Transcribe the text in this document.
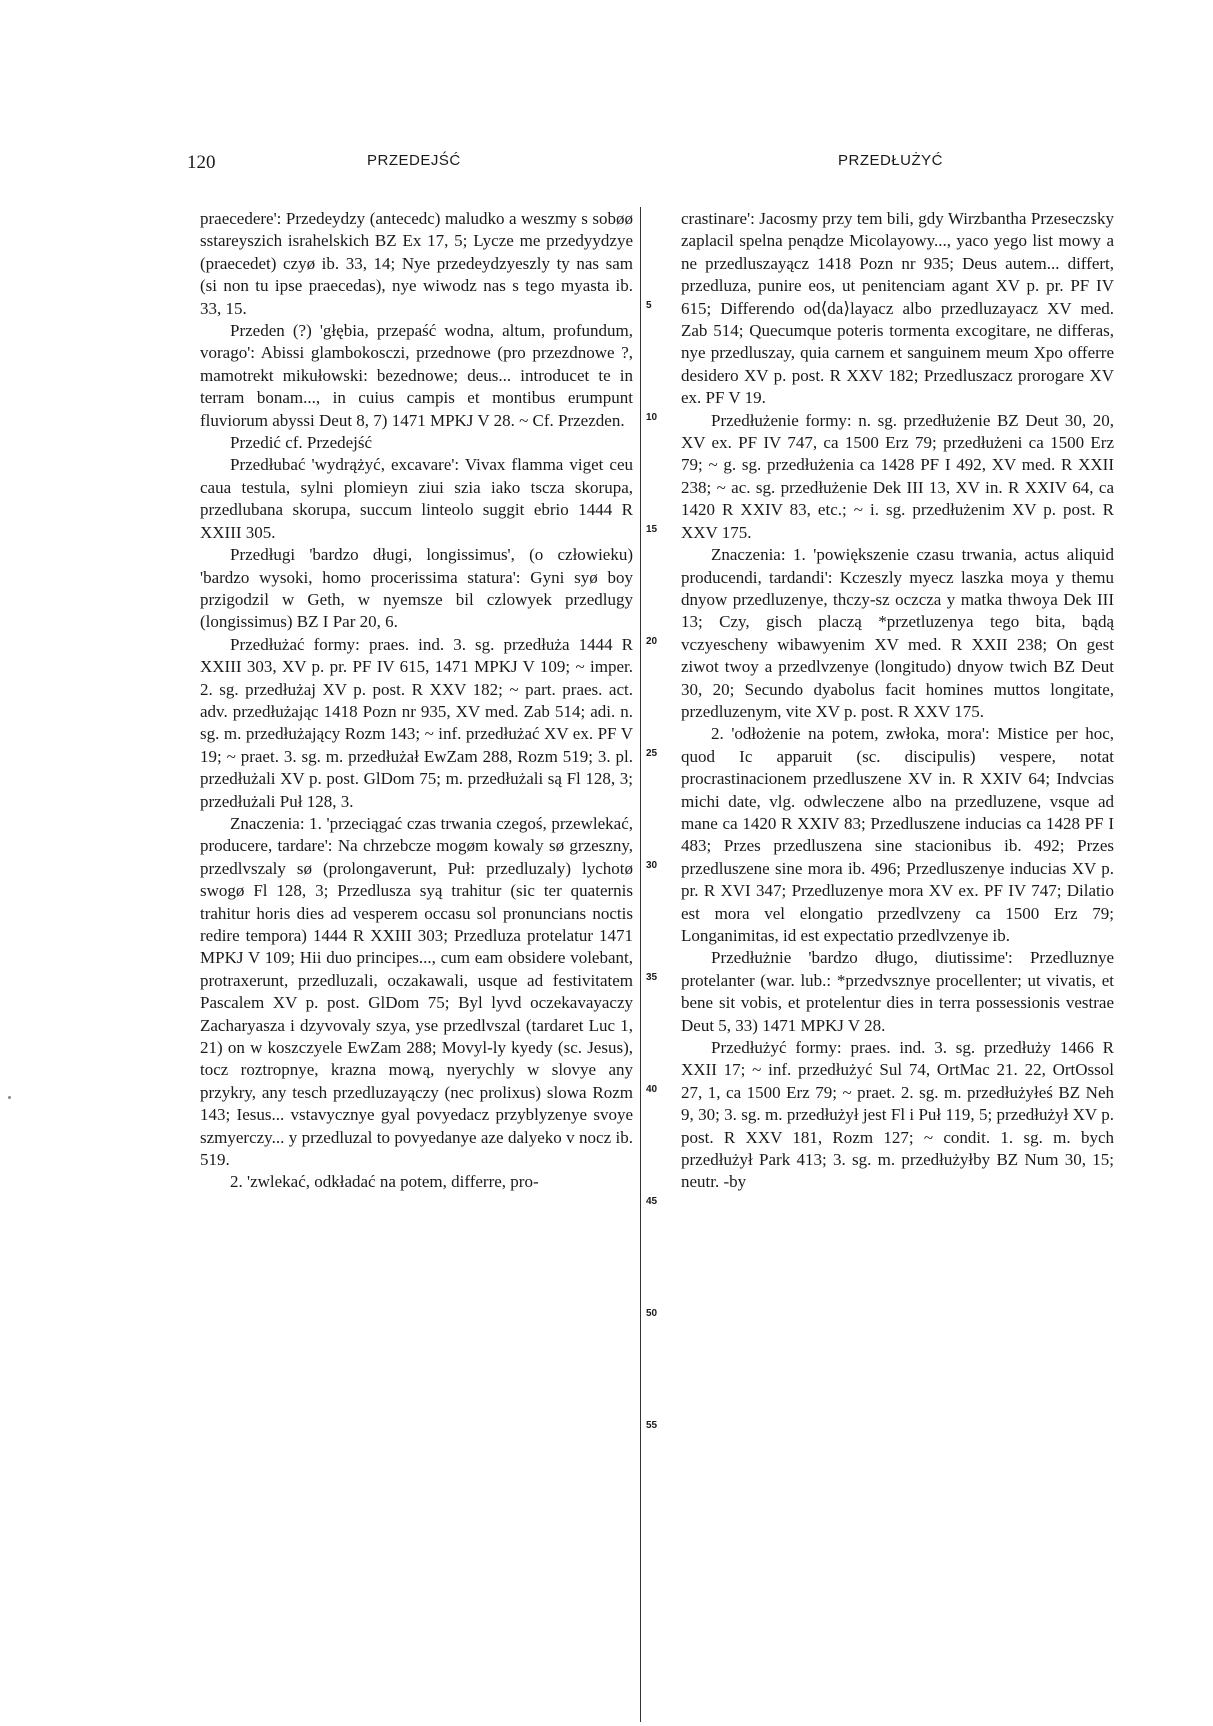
120	PRZEDEJŚĆ	PRZEDŁUŻYĆ

praecedere': Przedeydzy (antecedc) maludko a weszmy s sobøø sstareyszich israhelskich BZ Ex 17, 5; Lycze me przedyydzye (praecedet) czyø ib. 33, 14; Nye przedeydzyeszly ty nas sam (si non tu ipse praecedas), nye wiwodz nas s tego myasta ib. 33, 15.

Przeden (?) 'głębia, przepaść wodna, altum, profundum, vorago': Abissi glambokosczi, przednowe (pro przezdnowe ?, mamotrekt mikułowski: bezednowe; deus... introducet te in terram bonam..., in cuius campis et montibus erumpunt fluviorum abyssi Deut 8, 7) 1471 MPKJ V 28. ~ Cf. Przezden.

Przedić cf. Przedejść

Przedłubać 'wydrążyć, excavare': Vivax flamma viget ceu caua testula, sylni plomieyn ziui szia iako tscza skorupa, przedlubana skorupa, succum linteolo suggit ebrio 1444 R XXIII 305.

Przedługi 'bardzo długi, longissimus', (o człowieku) 'bardzo wysoki, homo procerissima statura': Gyni syø boy przigodzil w Geth, w nyemsze bil czlowyek przedlugy (longissimus) BZ I Par 20, 6.

Przedłużać formy: praes. ind. 3. sg. przedłuża 1444 R XXIII 303, XV p. pr. PF IV 615, 1471 MPKJ V 109; ~ imper. 2. sg. przedłużaj XV p. post. R XXV 182; ~ part. praes. act. adv. przedłużając 1418 Pozn nr 935, XV med. Zab 514; adi. n. sg. m. przedłużający Rozm 143; ~ inf. przedłużać XV ex. PF V 19; ~ praet. 3. sg. m. przedłużał EwZam 288, Rozm 519; 3. pl. przedłużali XV p. post. GlDom 75; m. przedłużali są Fl 128, 3; przedłużali Puł 128, 3.

Znaczenia: 1. 'przeciągać czas trwania czegoś, przewlekać, producere, tardare': Na chrzebcze mogøm kowaly sø grzeszny, przedlvszaly sø (prolongaverunt, Puł: przedluzaly) lychotø swogø Fl 128, 3; Przedlusza syą trahitur (sic ter quaternis trahitur horis dies ad vesperem occasu sol pronuncians noctis redire tempora) 1444 R XXIII 303; Przedluza protelatur 1471 MPKJ V 109; Hii duo principes..., cum eam obsidere volebant, protraxerunt, przedluzali, oczakawali, usque ad festivitatem Pascalem XV p. post. GlDom 75; Byl lyvd oczekavayaczy Zacharyasza i dzyvovaly szya, yse przedlvszal (tardaret Luc 1, 21) on w koszczyele EwZam 288; Movyl-ly kyedy (sc. Jesus), tocz roztropnye, krazna mową, nyerychly w slovye any przykry, any tesch przedluzayączy (nec prolixus) slowa Rozm 143; Iesus... vstavycznye gyal povyedacz przyblyzenye svoye szmyerczy... y przedluzal to povyedanye aze dalyeko v nocz ib. 519.

2. 'zwlekać, odkładać na potem, differre, pro-

crastinare': Jacosmy przy tem bili, gdy Wirzbantha Przeseczsky zaplacil spelna penądze Micolayowy..., yaco yego list mowy a ne przedluszayącz 1418 Pozn nr 935; Deus autem... differt, przedluza, punire eos, ut penitenciam agant XV p. pr. PF IV 615; Differendo od⟨da⟩layacz albo przedluzayacz XV med. Zab 514; Quecumque poteris tormenta excogitare, ne differas, nye przedluszay, quia carnem et sanguinem meum Xpo offerre desidero XV p. post. R XXV 182; Przedluszacz prorogare XV ex. PF V 19.

Przedłużenie formy: n. sg. przedłużenie BZ Deut 30, 20, XV ex. PF IV 747, ca 1500 Erz 79; przedłużeni ca 1500 Erz 79; ~ g. sg. przedłużenia ca 1428 PF I 492, XV med. R XXII 238; ~ ac. sg. przedłużenie Dek III 13, XV in. R XXIV 64, ca 1420 R XXIV 83, etc.; ~ i. sg. przedłużenim XV p. post. R XXV 175.

Znaczenia: 1. 'powiększenie czasu trwania, actus aliquid producendi, tardandi': Kczeszly myecz laszka moya y themu dnyow przedluzenye, thczy-sz oczcza y matka thwoya Dek III 13; Czy, gisch placzą *przetluzenya tego bita, bądą vczyescheny wibawyenim XV med. R XXII 238; On gest ziwot twoy a przedlvzenye (longitudo) dnyow twich BZ Deut 30, 20; Secundo dyabolus facit homines muttos longitate, przedluzenym, vite XV p. post. R XXV 175.

2. 'odłożenie na potem, zwłoka, mora': Mistice per hoc, quod Ic apparuit (sc. discipulis) vespere, notat procrastinacionem przedluszene XV in. R XXIV 64; Indvcias michi date, vlg. odwleczene albo na przedluzene, vsque ad mane ca 1420 R XXIV 83; Przedluszene inducias ca 1428 PF I 483; Przes przedluszena sine stacionibus ib. 492; Przes przedluszene sine mora ib. 496; Przedluszenye inducias XV p. pr. R XVI 347; Przedluzenye mora XV ex. PF IV 747; Dilatio est mora vel elongatio przedlvzeny ca 1500 Erz 79; Longanimitas, id est expectatio przedlvzenye ib.

Przedłużnie 'bardzo długo, diutissime': Przedluznye protelanter (war. lub.: *przedvsznye procellenter; ut vivatis, et bene sit vobis, et protelentur dies in terra possessionis vestrae Deut 5, 33) 1471 MPKJ V 28.

Przedłużyć formy: praes. ind. 3. sg. przedłuży 1466 R XXII 17; ~ inf. przedłużyć Sul 74, OrtMac 21. 22, OrtOssol 27, 1, ca 1500 Erz 79; ~ praet. 2. sg. m. przedłużyłeś BZ Neh 9, 30; 3. sg. m. przedłużył jest Fl i Puł 119, 5; przedłużył XV p. post. R XXV 181, Rozm 127; ~ condit. 1. sg. m. bych przedłużył Park 413; 3. sg. m. przedłużyłby BZ Num 30, 15; neutr. -by

5
10
15
20
25
30
35
40
45
50
55
